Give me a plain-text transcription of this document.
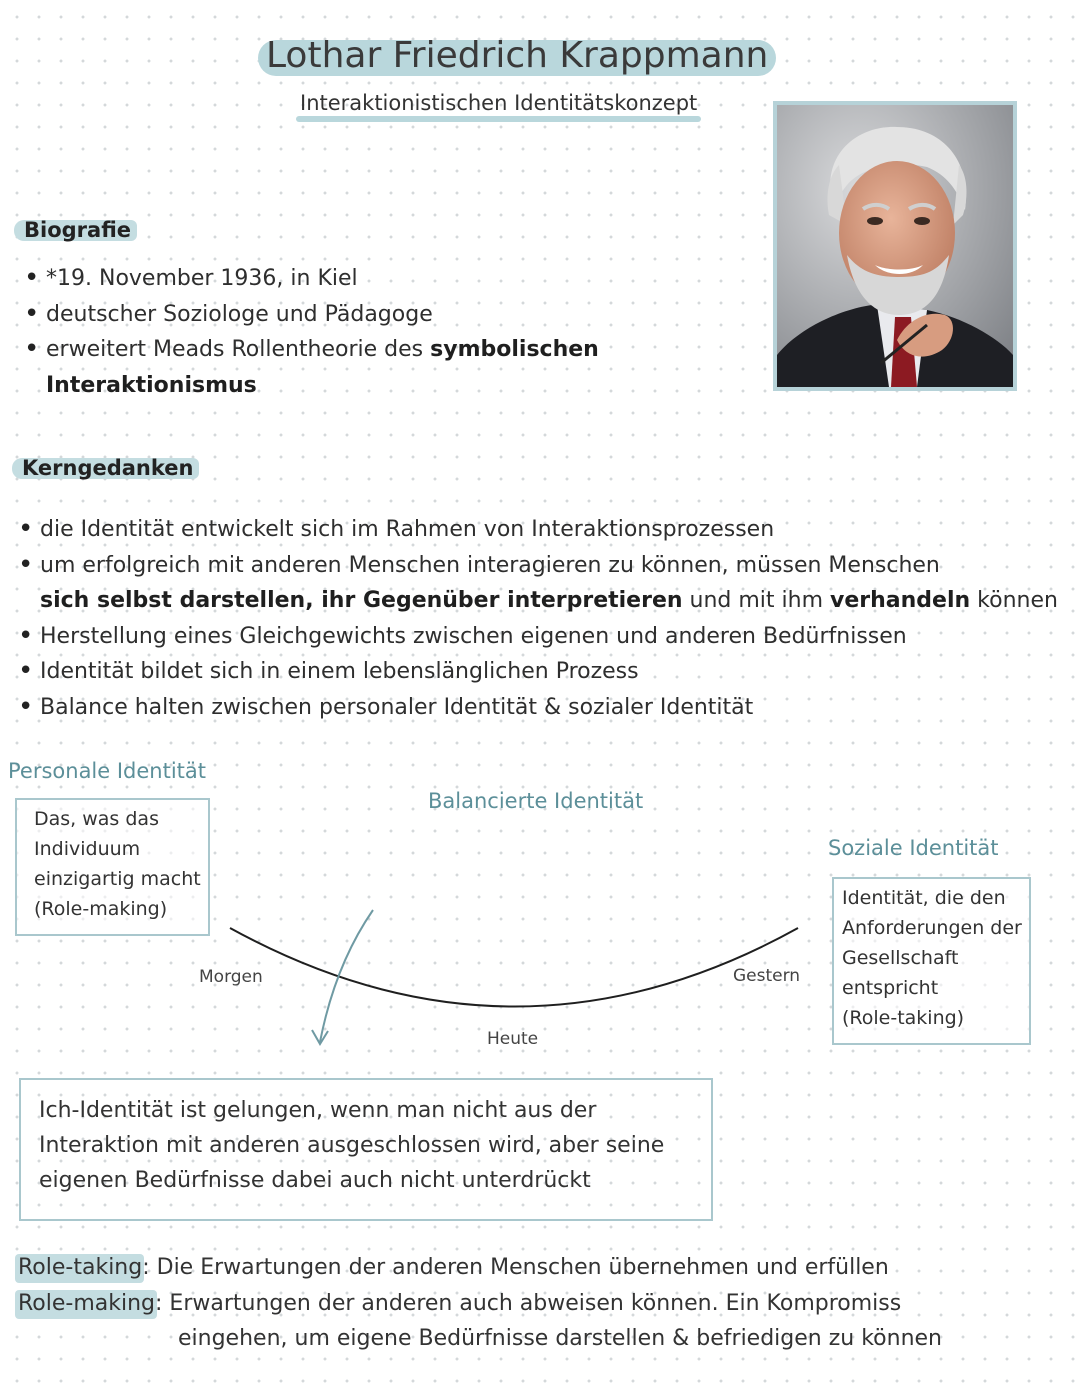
Lothar Friedrich Krappmann
Interaktionistischen Identitätskonzept
Biografie
• *19. November 1936, in Kiel
• deutscher Soziologe und Pädagoge
• erweitert Meads Rollentheorie des symbolischen
Interaktionismus
Kerngedanken
• die Identität entwickelt sich im Rahmen von Interaktionsprozessen
• um erfolgreich mit anderen Menschen interagieren zu können, müssen Menschen
sich selbst darstellen, ihr Gegenüber interpretieren und mit ihm verhandeln können
• Herstellung eines Gleichgewichts zwischen eigenen und anderen Bedürfnissen
• Identität bildet sich in einem lebenslänglichen Prozess
• Balance halten zwischen personaler Identität & sozialer Identität
Personale Identität
Das, was das
Individuum
einzigartig macht
(Role-making)
Balancierte Identität
Soziale Identität
Identität, die den
Anforderungen der
Gesellschaft
entspricht
(Role-taking)
Morgen
Heute
Gestern
Ich-Identität ist gelungen, wenn man nicht aus der
Interaktion mit anderen ausgeschlossen wird, aber seine
eigenen Bedürfnisse dabei auch nicht unterdrückt
Role-taking: Die Erwartungen der anderen Menschen übernehmen und erfüllen
Role-making: Erwartungen der anderen auch abweisen können. Ein Kompromiss
eingehen, um eigene Bedürfnisse darstellen & befriedigen zu können
